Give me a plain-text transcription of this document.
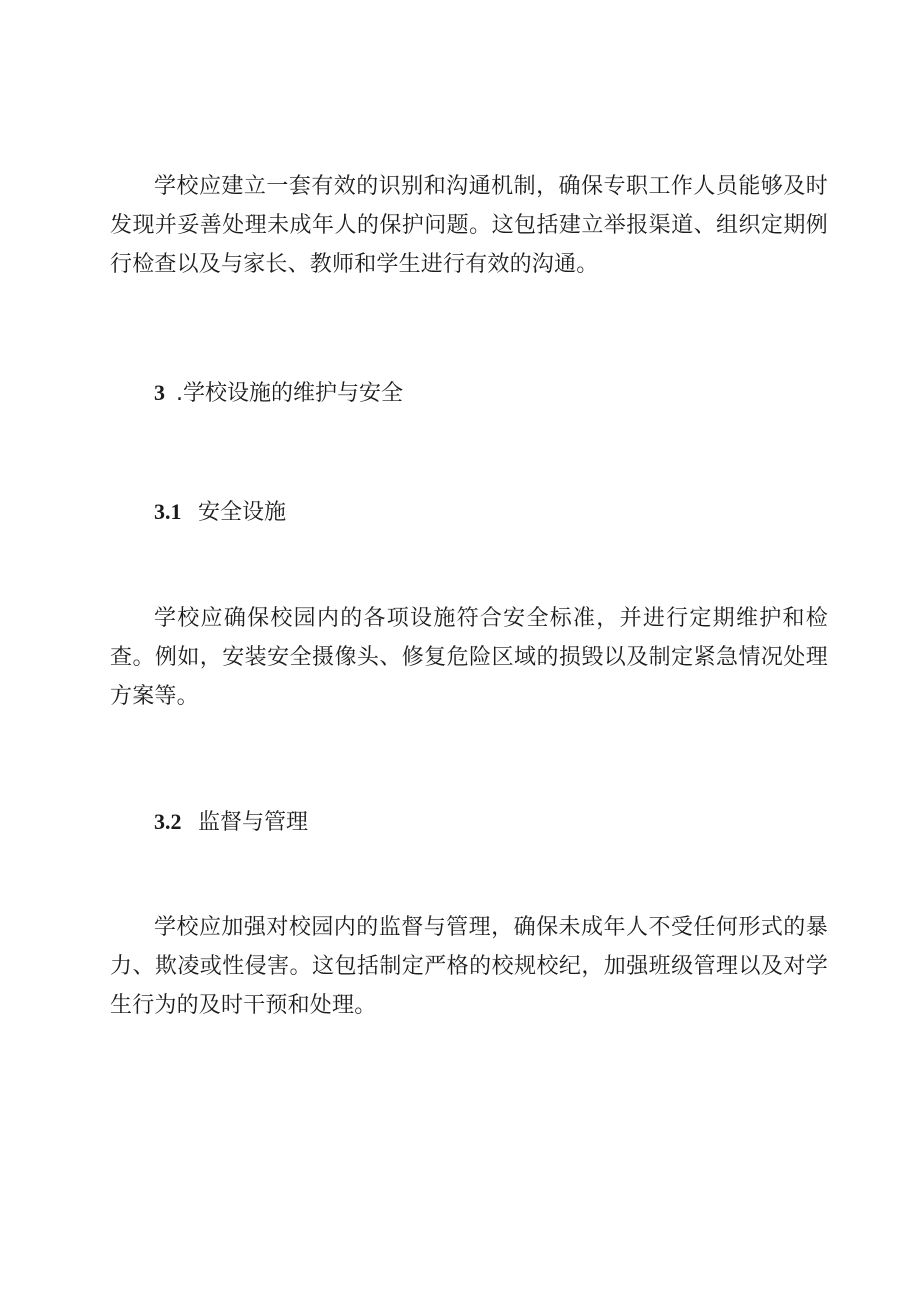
学校应建立一套有效的识别和沟通机制，确保专职工作人员能够及时发现并妥善处理未成年人的保护问题。这包括建立举报渠道、组织定期例行检查以及与家长、教师和学生进行有效的沟通。

3 .学校设施的维护与安全
3.1 安全设施

学校应确保校园内的各项设施符合安全标准，并进行定期维护和检查。例如，安装安全摄像头、修复危险区域的损毁以及制定紧急情况处理方案等。

3.2 监督与管理

学校应加强对校园内的监督与管理，确保未成年人不受任何形式的暴力、欺凌或性侵害。这包括制定严格的校规校纪，加强班级管理以及对学生行为的及时干预和处理。
